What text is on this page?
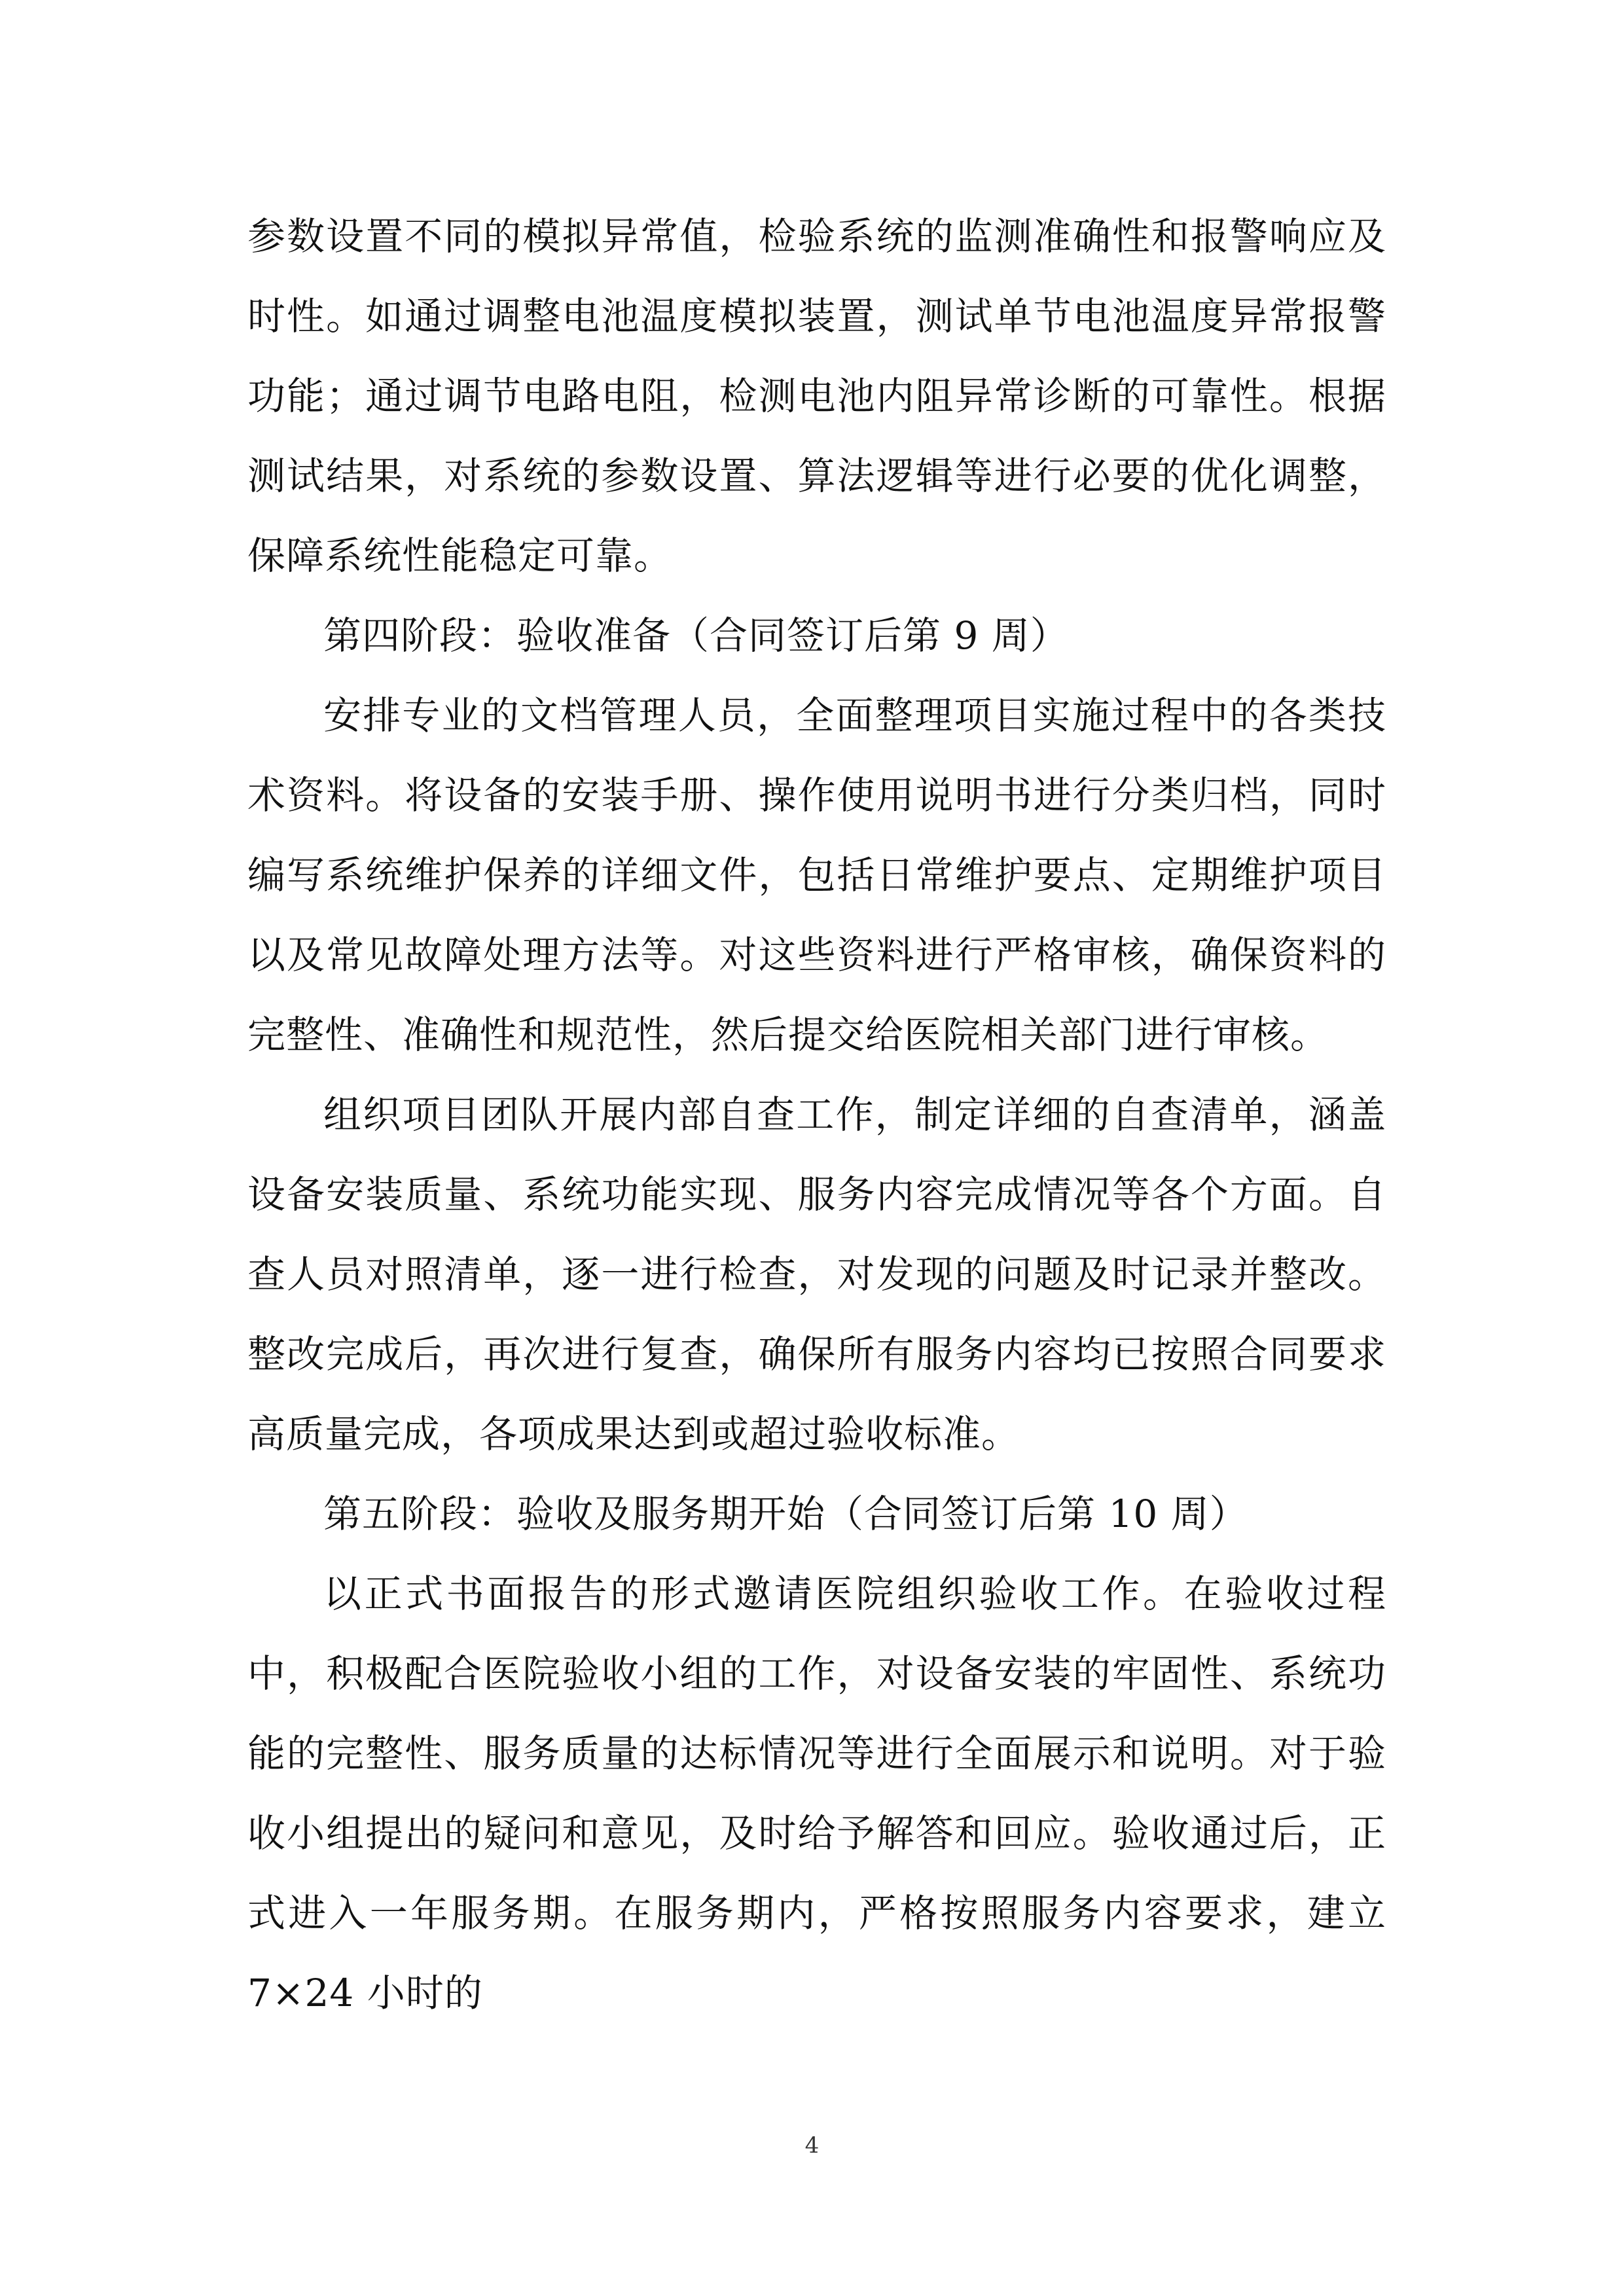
参数设置不同的模拟异常值，检验系统的监测准确性和报警响应及时性。如通过调整电池温度模拟装置，测试单节电池温度异常报警功能；通过调节电路电阻，检测电池内阻异常诊断的可靠性。根据测试结果，对系统的参数设置、算法逻辑等进行必要的优化调整，保障系统性能稳定可靠。

第四阶段：验收准备（合同签订后第 9 周）

安排专业的文档管理人员，全面整理项目实施过程中的各类技术资料。将设备的安装手册、操作使用说明书进行分类归档，同时编写系统维护保养的详细文件，包括日常维护要点、定期维护项目以及常见故障处理方法等。对这些资料进行严格审核，确保资料的完整性、准确性和规范性，然后提交给医院相关部门进行审核。

组织项目团队开展内部自查工作，制定详细的自查清单，涵盖设备安装质量、系统功能实现、服务内容完成情况等各个方面。自查人员对照清单，逐一进行检查，对发现的问题及时记录并整改。整改完成后，再次进行复查，确保所有服务内容均已按照合同要求高质量完成，各项成果达到或超过验收标准。

第五阶段：验收及服务期开始（合同签订后第 10 周）

以正式书面报告的形式邀请医院组织验收工作。在验收过程中，积极配合医院验收小组的工作，对设备安装的牢固性、系统功能的完整性、服务质量的达标情况等进行全面展示和说明。对于验收小组提出的疑问和意见，及时给予解答和回应。验收通过后，正式进入一年服务期。在服务期内，严格按照服务内容要求，建立 7×24 小时的

4
